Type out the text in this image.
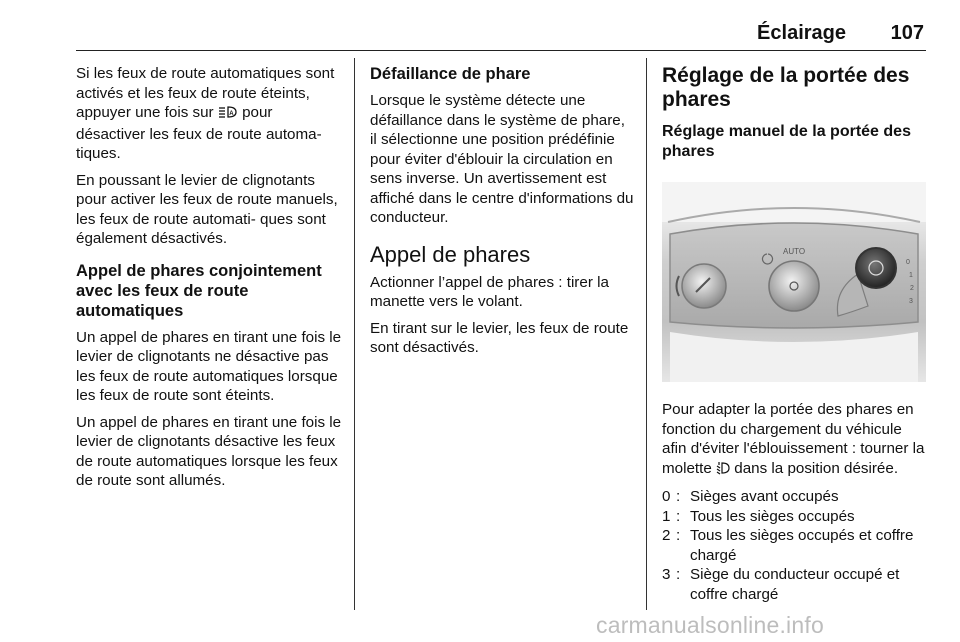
Éclairage 107

Si les feux de route automatiques sont activés et les feux de route éteints, appuyer une fois sur A pour désactiver les feux de route automa‐ tiques.

En poussant le levier de clignotants pour activer les feux de route manuels, les feux de route automati‐ ques sont également désactivés.

Appel de phares conjointement avec les feux de route automatiques

Un appel de phares en tirant une fois le levier de clignotants ne désactive pas les feux de route automatiques lorsque les feux de route sont éteints.

Un appel de phares en tirant une fois le levier de clignotants désactive les feux de route automatiques lorsque les feux de route sont allumés.

Défaillance de phare

Lorsque le système détecte une défaillance dans le système de phare, il sélectionne une position prédéfinie pour éviter d'éblouir la circulation en sens inverse. Un avertissement est affiché dans le centre d'informations du conducteur.

Appel de phares

Actionner l’appel de phares : tirer la manette vers le volant.

En tirant sur le levier, les feux de route sont désactivés.

Réglage de la portée des phares
Réglage manuel de la portée des phares
AUTO
0
1
2
3

Pour adapter la portée des phares en fonction du chargement du véhicule afin d'éviter l'éblouissement : tourner la molette  dans la position désirée.

0 : Sièges avant occupés
1 : Tous les sièges occupés
2 : Tous les sièges occupés et coffre chargé
3 : Siège du conducteur occupé et coffre chargé
carmanualsonline.info
